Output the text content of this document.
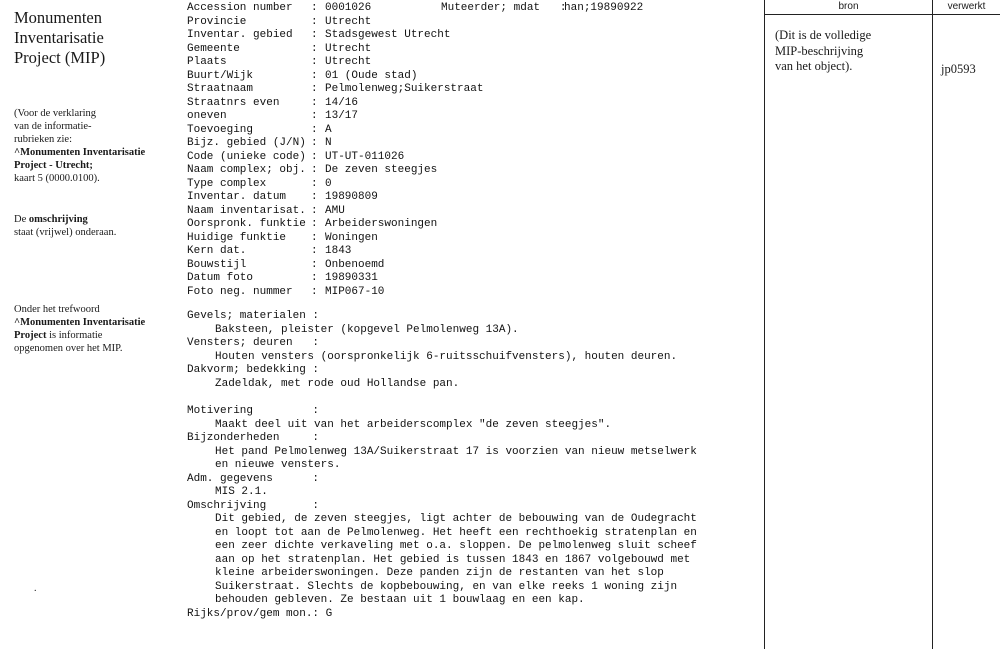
Monumenten
Inventarisatie
Project (MIP)
(Voor de verklaring
van de informatie-
rubrieken zie:
^Monumenten Inventarisatie
Project - Utrecht;
kaart 5 (0000.0100).
De omschrijving
staat (vrijwel) onderaan.
Onder het trefwoord
^Monumenten Inventarisatie
Project is informatie
opgenomen over het MIP.
.
Accession number : 0001026
Provincie	: Utrecht
Inventar. gebied : Stadsgewest Utrecht
Gemeente	: Utrecht
Plaats	: Utrecht
Buurt/Wijk	: 01 (Oude stad)
Straatnaam	: Pelmolenweg;Suikerstraat
Straatnrs even	: 14/16
oneven	: 13/17
Toevoeging	: A
Bijz. gebied (J/N) : N
Code (unieke code) : UT-UT-011026
Naam complex; obj. : De zeven steegjes
Type complex	: 0
Inventar. datum : 19890809
Naam inventarisat. : AMU
Oorspronk. funktie : Arbeiderswoningen
Huidige funktie : Woningen
Kern dat.	: 1843
Bouwstijl	: Onbenoemd
Datum foto	: 19890331
Foto neg. nummer : MIP067-10
Muteerder; mdat   :han;19890922
Gevels; materialen :
Baksteen, pleister (kopgevel Pelmolenweg 13A).
Vensters; deuren   :
Houten vensters (oorspronkelijk 6-ruitsschuifvensters), houten deuren.
Dakvorm; bedekking :
Zadeldak, met rode oud Hollandse pan.
Motivering         :
Maakt deel uit van het arbeiderscomplex "de zeven steegjes".
Bijzonderheden     :
Het pand Pelmolenweg 13A/Suikerstraat 17 is voorzien van nieuw metselwerk
en nieuwe vensters.
Adm. gegevens      :
MIS 2.1.
Omschrijving       :
Dit gebied, de zeven steegjes, ligt achter de bebouwing van de Oudegracht
en loopt tot aan de Pelmolenweg. Het heeft een rechthoekig stratenplan en
een zeer dichte verkaveling met o.a. sloppen. De pelmolenweg sluit scheef
aan op het stratenplan. Het gebied is tussen 1843 en 1867 volgebouwd met
kleine arbeiderswoningen. Deze panden zijn de restanten van het slop
Suikerstraat. Slechts de kopbebouwing, en van elke reeks 1 woning zijn
behouden gebleven. Ze bestaan uit 1 bouwlaag en een kap.
Rijks/prov/gem mon.: G
bron	verwerkt
(Dit is de volledige
MIP-beschrijving
van het object).	jp0593
